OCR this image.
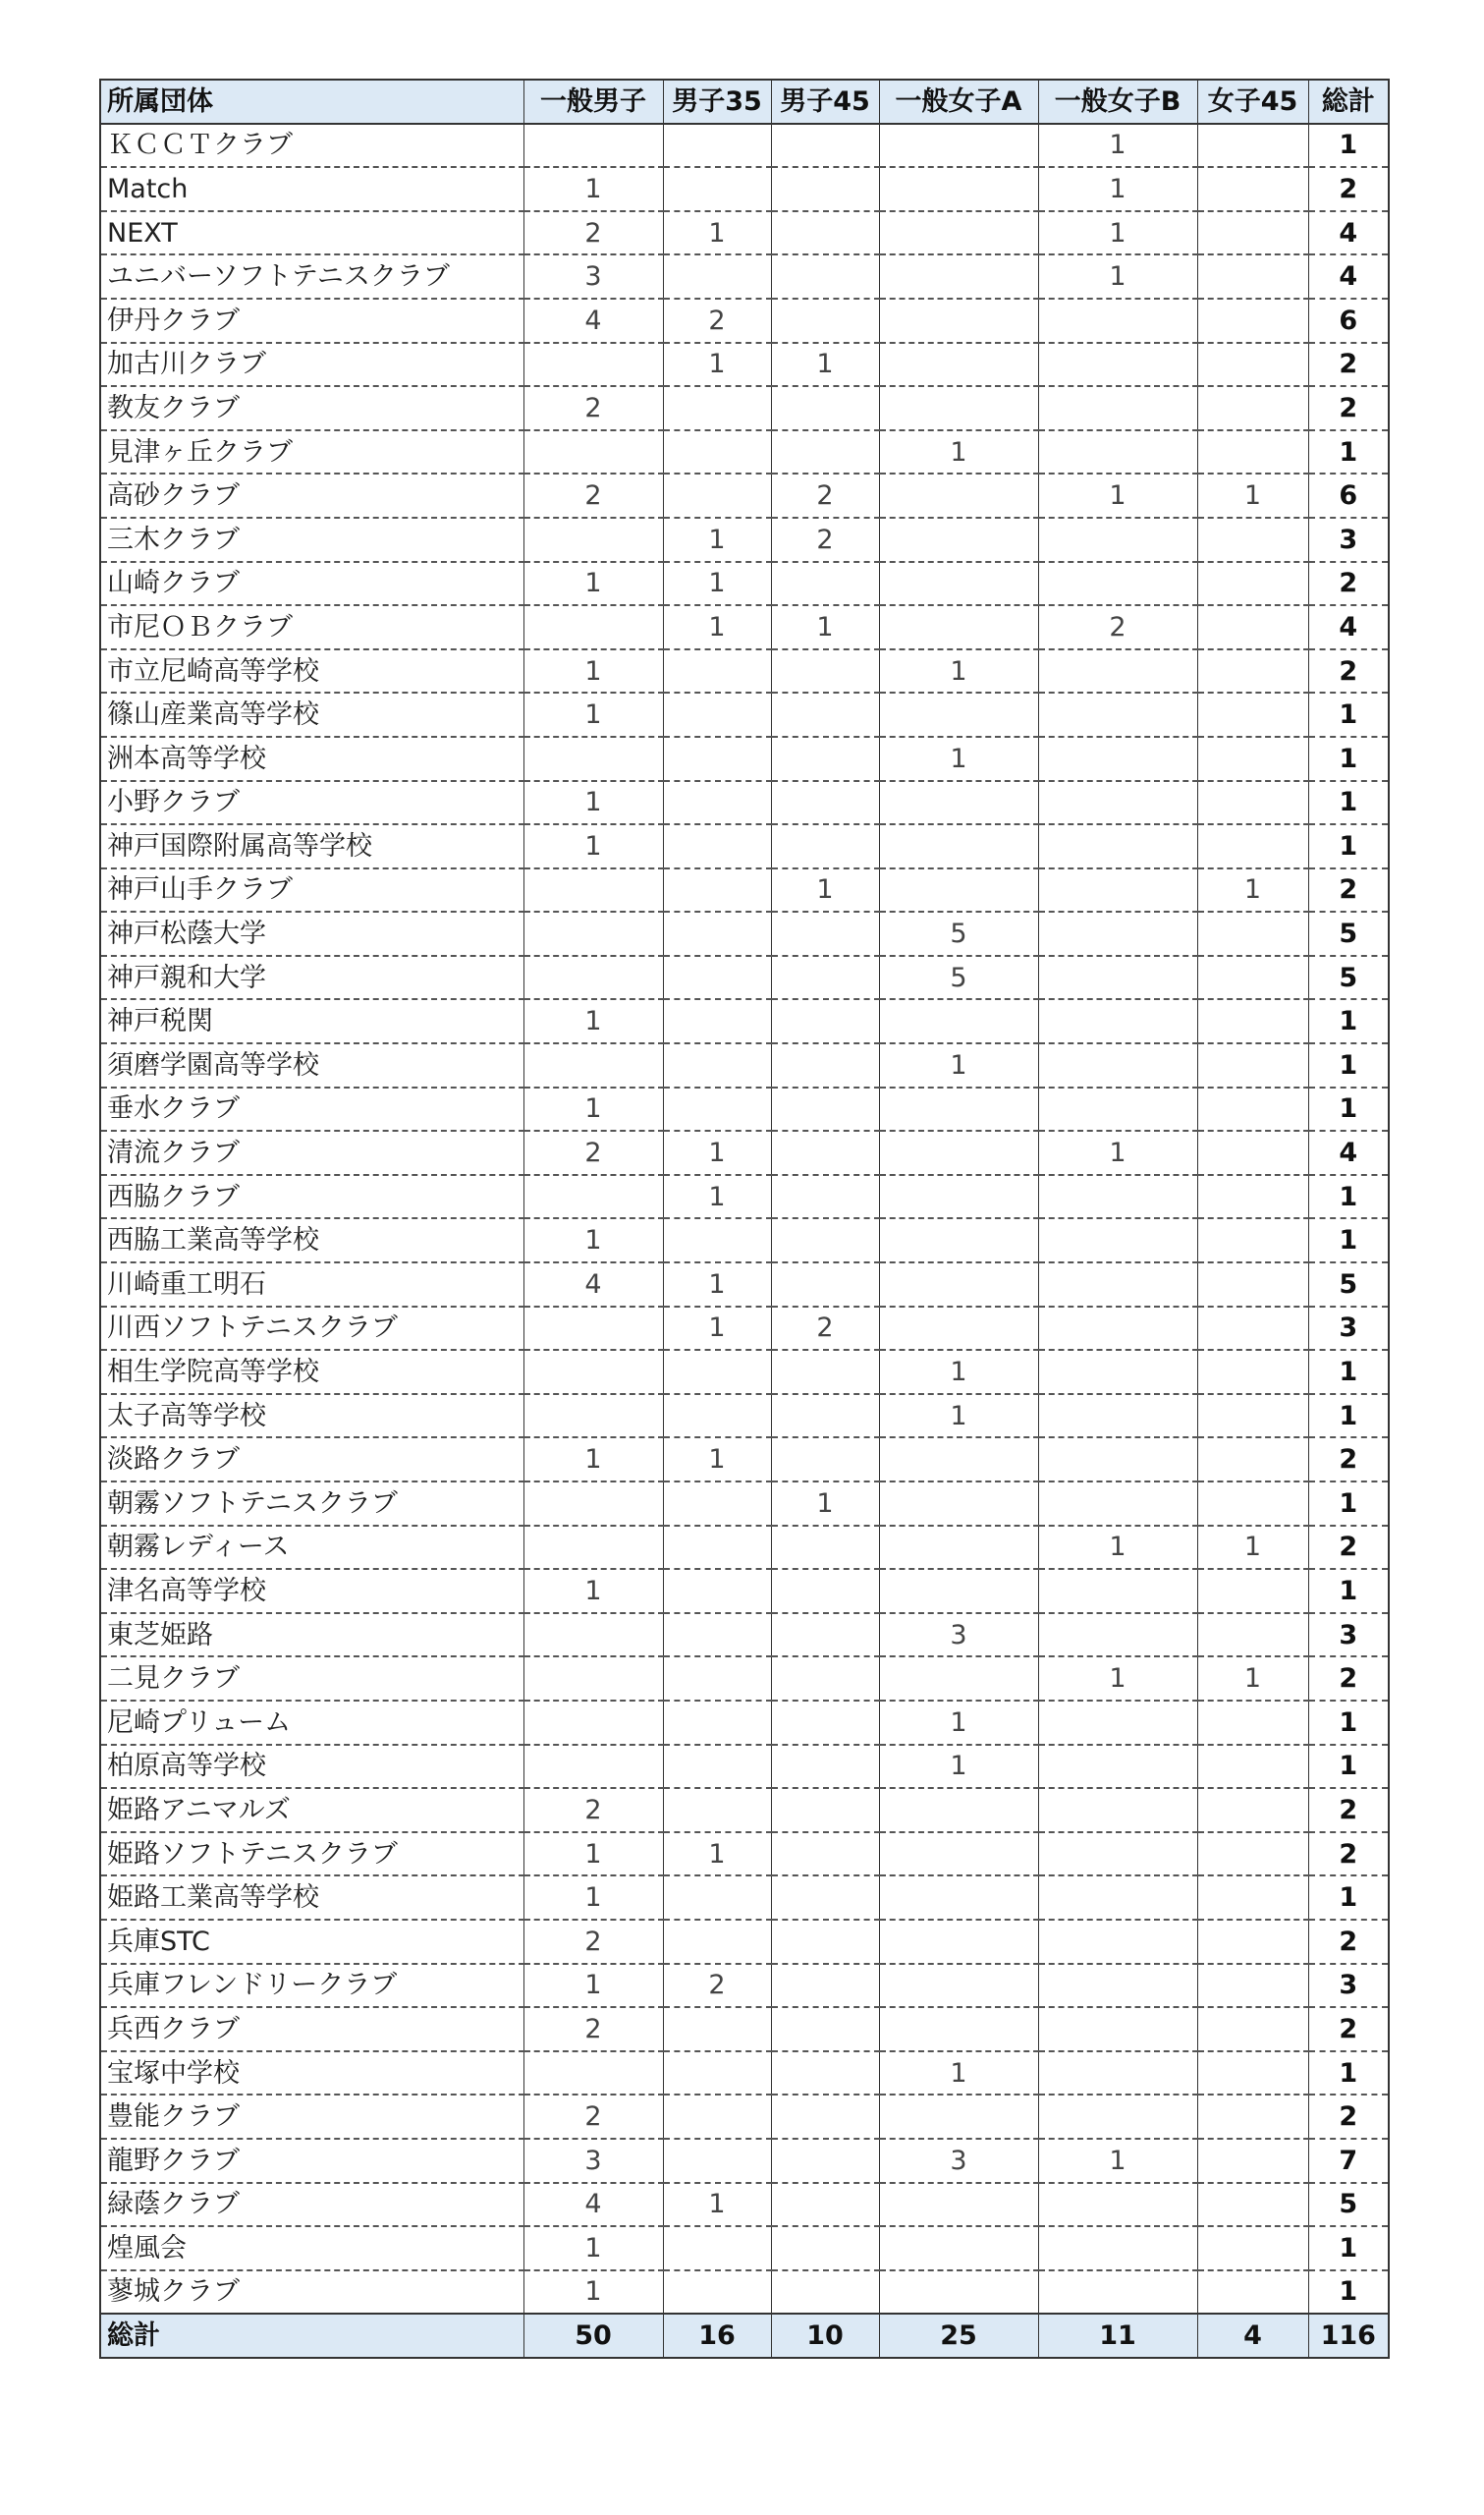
所属団体	一般男子	男子35	男子45	一般女子A	一般女子B	女子45	総計
ＫＣＣＴクラブ					1		1
Match	1				1		2
NEXT	2	1			1		4
ユニバーソフトテニスクラブ	3				1		4
伊丹クラブ	4	2					6
加古川クラブ		1	1				2
教友クラブ	2						2
見津ヶ丘クラブ				1			1
高砂クラブ	2		2		1	1	6
三木クラブ		1	2				3
山崎クラブ	1	1					2
市尼ＯＢクラブ		1	1		2		4
市立尼崎高等学校	1			1			2
篠山産業高等学校	1						1
洲本高等学校				1			1
小野クラブ	1						1
神戸国際附属高等学校	1						1
神戸山手クラブ			1			1	2
神戸松蔭大学				5			5
神戸親和大学				5			5
神戸税関	1						1
須磨学園高等学校				1			1
垂水クラブ	1						1
清流クラブ	2	1			1		4
西脇クラブ		1					1
西脇工業高等学校	1						1
川崎重工明石	4	1					5
川西ソフトテニスクラブ		1	2				3
相生学院高等学校				1			1
太子高等学校				1			1
淡路クラブ	1	1					2
朝霧ソフトテニスクラブ			1				1
朝霧レディース					1	1	2
津名高等学校	1						1
東芝姫路				3			3
二見クラブ					1	1	2
尼崎プリューム				1			1
柏原高等学校				1			1
姫路アニマルズ	2						2
姫路ソフトテニスクラブ	1	1					2
姫路工業高等学校	1						1
兵庫STC	2						2
兵庫フレンドリークラブ	1	2					3
兵西クラブ	2						2
宝塚中学校				1			1
豊能クラブ	2						2
龍野クラブ	3			3	1		7
緑蔭クラブ	4	1					5
煌風会	1						1
蓼城クラブ	1						1
総計	50	16	10	25	11	4	116
